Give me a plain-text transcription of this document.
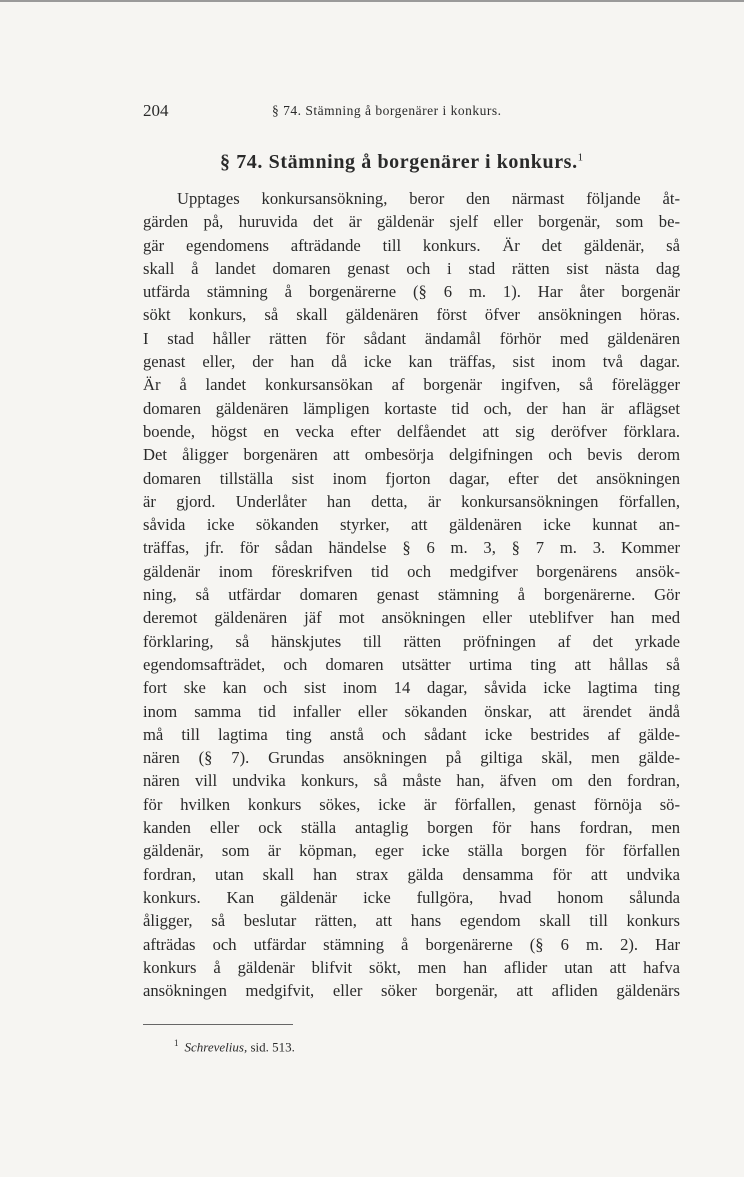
204	§ 74. Stämning å borgenärer i konkurs.
§ 74. Stämning å borgenärer i konkurs.$^1$
Upptages konkursansökning, beror den närmast följande åt-
gärden på, huruvida det är gäldenär sjelf eller borgenär, som be-
gär egendomens afträdande till konkurs. Är det gäldenär, så
skall å landet domaren genast och i stad rätten sist nästa dag
utfärda stämning å borgenärerne (§ 6 m. 1). Har åter borgenär
sökt konkurs, så skall gäldenären först öfver ansökningen höras.
I stad håller rätten för sådant ändamål förhör med gäldenären
genast eller, der han då icke kan träffas, sist inom två dagar.
Är å landet konkursansökan af borgenär ingifven, så förelägger
domaren gäldenären lämpligen kortaste tid och, der han är aflägset
boende, högst en vecka efter delfåendet att sig deröfver förklara.
Det åligger borgenären att ombesörja delgifningen och bevis derom
domaren tillställa sist inom fjorton dagar, efter det ansökningen
är gjord. Underlåter han detta, är konkursansökningen förfallen,
såvida icke sökanden styrker, att gäldenären icke kunnat an-
träffas, jfr. för sådan händelse § 6 m. 3, § 7 m. 3. Kommer
gäldenär inom föreskrifven tid och medgifver borgenärens ansök-
ning, så utfärdar domaren genast stämning å borgenärerne. Gör
deremot gäldenären jäf mot ansökningen eller uteblifver han med
förklaring, så hänskjutes till rätten pröfningen af det yrkade
egendomsafträdet, och domaren utsätter urtima ting att hållas så
fort ske kan och sist inom 14 dagar, såvida icke lagtima ting
inom samma tid infaller eller sökanden önskar, att ärendet ändå
må till lagtima ting anstå och sådant icke bestrides af gälde-
nären (§ 7). Grundas ansökningen på giltiga skäl, men gälde-
nären vill undvika konkurs, så måste han, äfven om den fordran,
för hvilken konkurs sökes, icke är förfallen, genast förnöja sö-
kanden eller ock ställa antaglig borgen för hans fordran, men
gäldenär, som är köpman, eger icke ställa borgen för förfallen
fordran, utan skall han strax gälda densamma för att undvika
konkurs. Kan gäldenär icke fullgöra, hvad honom sålunda
åligger, så beslutar rätten, att hans egendom skall till konkurs
afträdas och utfärdar stämning å borgenärerne (§ 6 m. 2). Har
konkurs å gäldenär blifvit sökt, men han aflider utan att hafva
ansökningen medgifvit, eller söker borgenär, att afliden gäldenärs
$^1$ Schrevelius, sid. 513.
